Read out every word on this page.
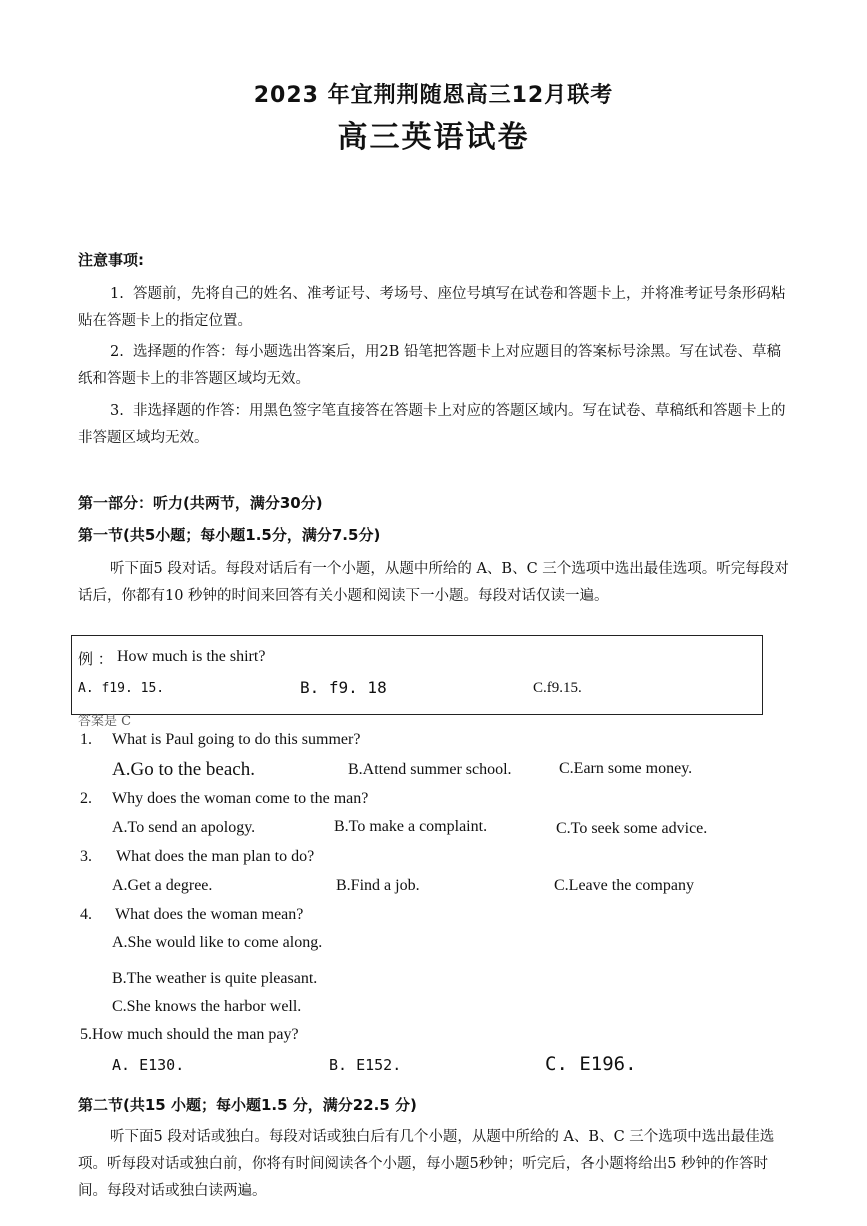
2023 年宜荆荆随恩高三12月联考
高三英语试卷
注意事项:
1.  答题前，先将自己的姓名、准考证号、考场号、座位号填写在试卷和答题卡上，并将准考证号条形码粘贴在答题卡上的指定位置。
2.  选择题的作答：每小题选出答案后，用2B 铅笔把答题卡上对应题目的答案标号涂黑。写在试卷、草稿纸和答题卡上的非答题区域均无效。
3.  非选择题的作答：用黑色签字笔直接答在答题卡上对应的答题区域内。写在试卷、草稿纸和答题卡上的非答题区域均无效。
第一部分：听力(共两节，满分30分)
第一节(共5小题；每小题1.5分，满分7.5分)
听下面5 段对话。每段对话后有一个小题，从题中所给的 A、B、C 三个选项中选出最佳选项。听完每段对话后，你都有10 秒钟的时间来回答有关小题和阅读下一小题。每段对话仅读一遍。
例 ： How much is the shirt?
A. f19. 15.	B. f9. 18	C.f9.15.
答案是 C
1. What is Paul going to do this summer?
A.Go to the beach.	B.Attend summer school.	C.Earn some money.
2. Why does the woman come to the man?
A.To send an apology.	B.To make a complaint.	C.To seek some advice.
3. What does the man plan to do?
A.Get a degree.	B.Find a job.	C.Leave the company
4. What does the woman mean?
A.She would like to come along.
B.The weather is quite pleasant.
C.She knows the harbor well.
5. How much should the man pay?
A. E130.	B. E152.	C. E196.
第二节(共15 小题；每小题1.5 分，满分22.5 分)
听下面5 段对话或独白。每段对话或独白后有几个小题，从题中所给的 A、B、C 三个选项中选出最佳选项。听每段对话或独白前，你将有时间阅读各个小题，每小题5秒钟；听完后，各小题将给出5 秒钟的作答时间。每段对话或独白读两遍。
